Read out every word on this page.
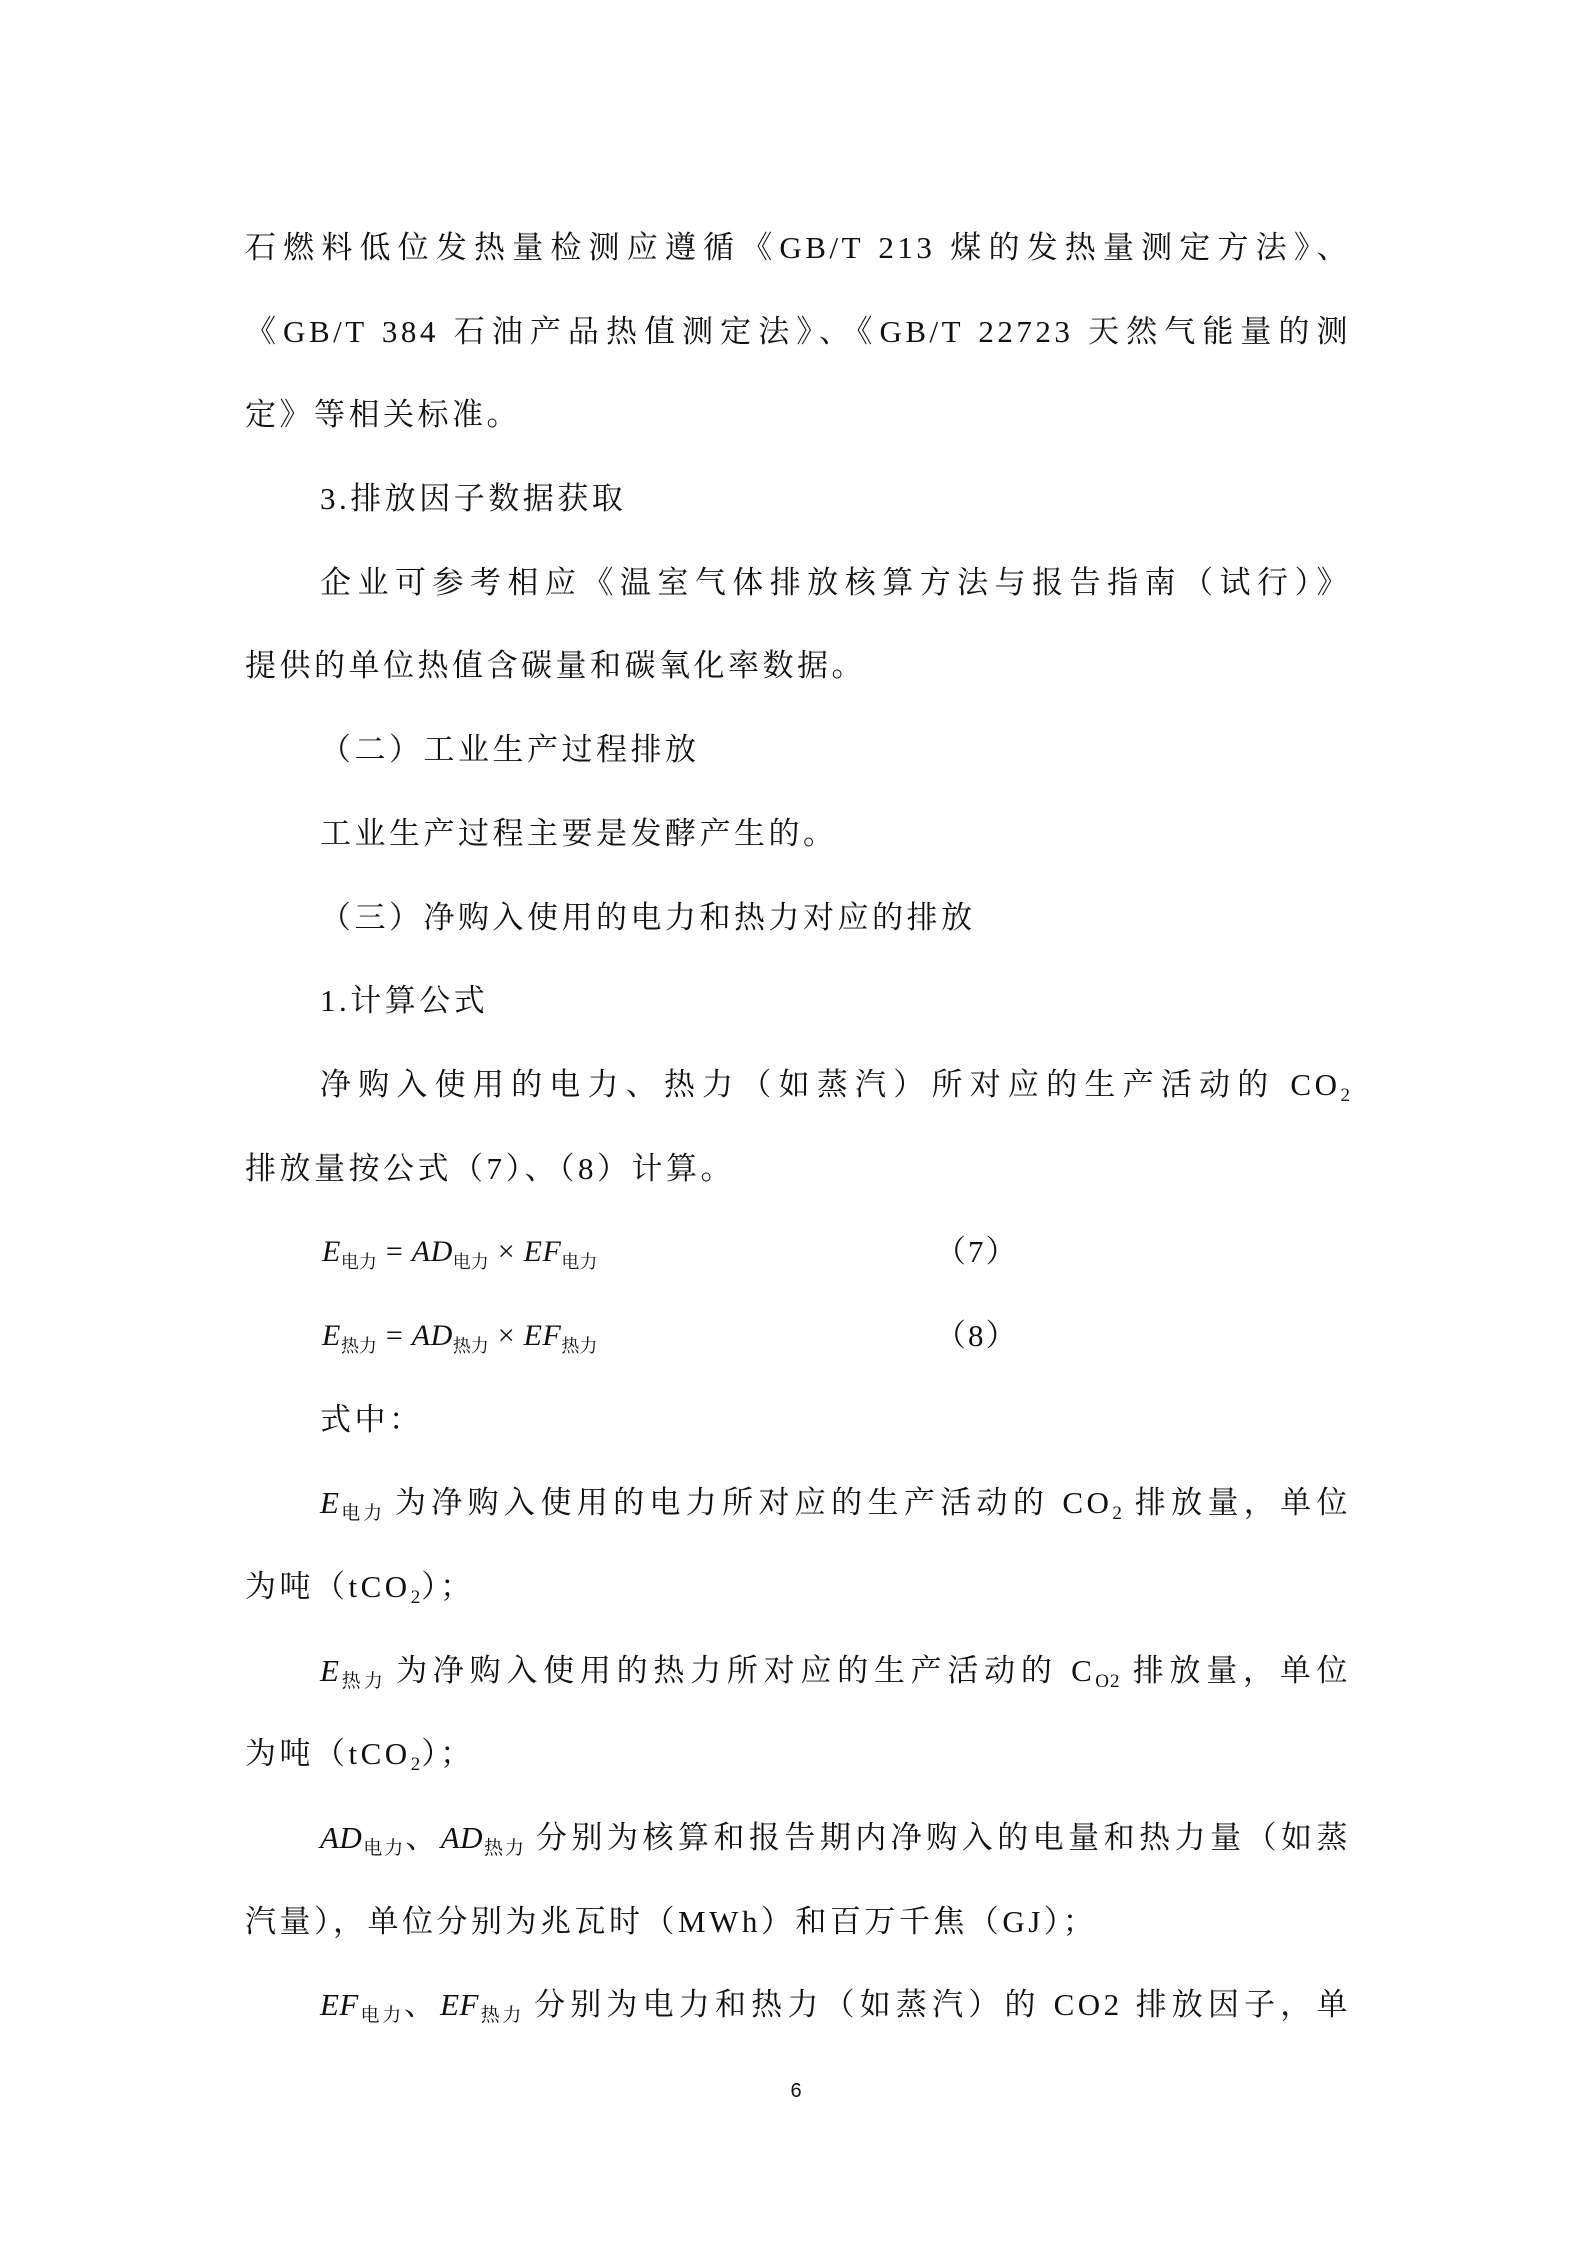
石燃料低位发热量检测应遵循《GB/T 213 煤的发热量测定方法》、
《GB/T 384 石油产品热值测定法》、《GB/T 22723 天然气能量的测
定》等相关标准。
3.排放因子数据获取
企业可参考相应《温室气体排放核算方法与报告指南（试行）》
提供的单位热值含碳量和碳氧化率数据。
（二）工业生产过程排放
工业生产过程主要是发酵产生的。
（三）净购入使用的电力和热力对应的排放
1.计算公式
净购入使用的电力、热力（如蒸汽）所对应的生产活动的 $CO_2$
排放量按公式（7）、（8）计算。
$E_{电力} = AD_{电力} \times EF_{电力}$	（7）
$E_{热力} = AD_{热力} \times EF_{热力}$	（8）
式中：
$E_{电力}$ 为净购入使用的电力所对应的生产活动的 $CO_2$ 排放量，单位
为吨（tCO$_2$）；
$E_{热力}$ 为净购入使用的热力所对应的生产活动的 $C_{O2}$ 排放量，单位
为吨（tCO$_2$）；
$AD_{电力}$、$AD_{热力}$ 分别为核算和报告期内净购入的电量和热力量（如蒸
汽量），单位分别为兆瓦时（MWh）和百万千焦（GJ）；
$EF_{电力}$、$EF_{热力}$ 分别为电力和热力（如蒸汽）的 CO2 排放因子，单
6
